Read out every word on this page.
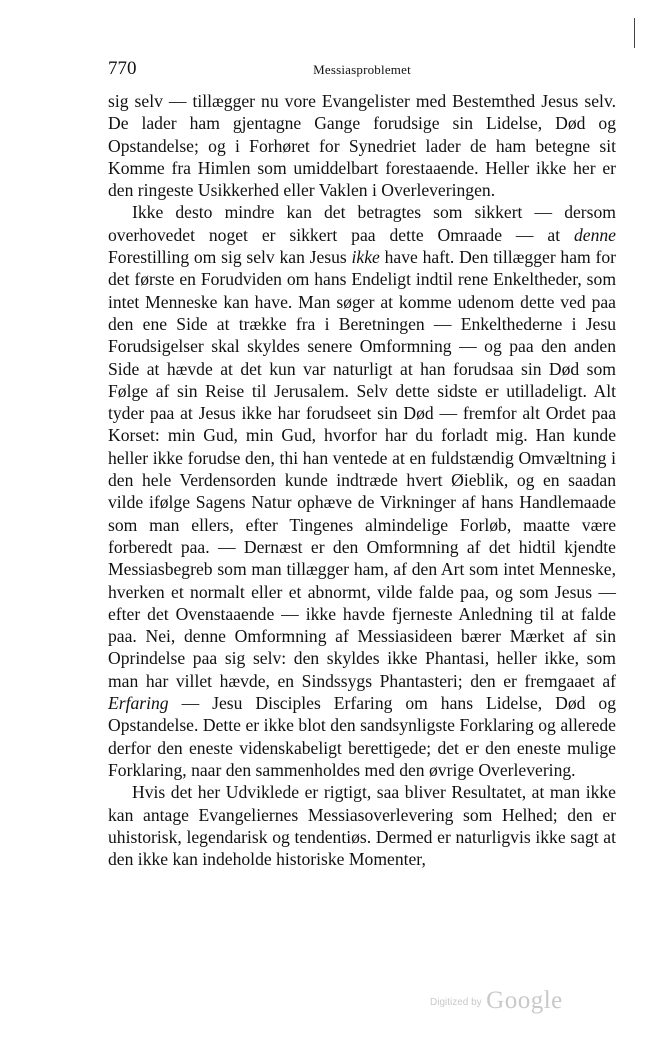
770	Messiasproblemet

sig selv — tillægger nu vore Evangelister med Bestemthed Jesus selv. De lader ham gjentagne Gange forudsige sin Lidelse, Død og Opstandelse; og i Forhøret for Synedriet lader de ham betegne sit Komme fra Himlen som umiddelbart forestaaende. Heller ikke her er den ringeste Usikkerhed eller Vaklen i Overleveringen.

Ikke desto mindre kan det betragtes som sikkert — dersom overhovedet noget er sikkert paa dette Omraade — at denne Forestilling om sig selv kan Jesus ikke have haft. Den tillægger ham for det første en Forudviden om hans Endeligt indtil rene Enkeltheder, som intet Menneske kan have. Man søger at komme udenom dette ved paa den ene Side at trække fra i Beretningen — Enkelthederne i Jesu Forudsigelser skal skyldes senere Omformning — og paa den anden Side at hævde at det kun var naturligt at han forudsaa sin Død som Følge af sin Reise til Jerusalem. Selv dette sidste er utilladeligt. Alt tyder paa at Jesus ikke har forudseet sin Død — fremfor alt Ordet paa Korset: min Gud, min Gud, hvorfor har du forladt mig. Han kunde heller ikke forudse den, thi han ventede at en fuldstændig Omvæltning i den hele Verdensorden kunde indtræde hvert Øieblik, og en saadan vilde ifølge Sagens Natur ophæve de Virkninger af hans Handlemaade som man ellers, efter Tingenes almindelige Forløb, maatte være forberedt paa. — Dernæst er den Omformning af det hidtil kjendte Messiasbegreb som man tillægger ham, af den Art som intet Menneske, hverken et normalt eller et abnormt, vilde falde paa, og som Jesus — efter det Ovenstaaende — ikke havde fjerneste Anledning til at falde paa. Nei, denne Omformning af Messiasideen bærer Mærket af sin Oprindelse paa sig selv: den skyldes ikke Phantasi, heller ikke, som man har villet hævde, en Sindssygs Phantasteri; den er fremgaaet af Erfaring — Jesu Disciples Erfaring om hans Lidelse, Død og Opstandelse. Dette er ikke blot den sandsynligste Forklaring og allerede derfor den eneste videnskabeligt berettigede; det er den eneste mulige Forklaring, naar den sammenholdes med den øvrige Overlevering.

Hvis det her Udviklede er rigtigt, saa bliver Resultatet, at man ikke kan antage Evangeliernes Messiasoverlevering som Helhed; den er uhistorisk, legendarisk og tendentiøs. Dermed er naturligvis ikke sagt at den ikke kan indeholde historiske Momenter,

Digitized by Google
